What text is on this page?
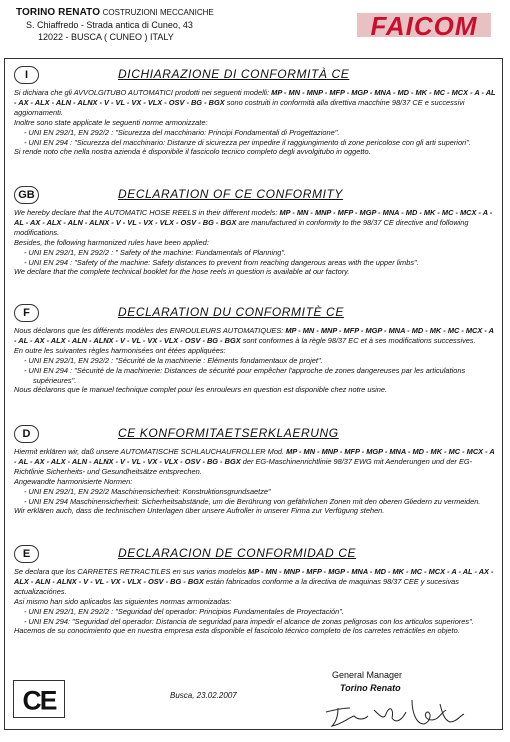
TORINO RENATO COSTRUZIONI MECCANICHE
S. Chiaffredo - Strada antica di Cuneo, 43
12022 - BUSCA ( CUNEO ) ITALY	FAICOM
I	DICHIARAZIONE DI CONFORMITÀ CE
Si dichiara che gli AVVOLGITUBO AUTOMATICI prodotti nei seguenti modelli: MP - MN - MNP - MFP - MGP - MNA - MD - MK - MC - MCX - A - AL - AX - ALX - ALN - ALNX - V - VL - VX - VLX - OSV - BG - BGX sono costruiti in conformità alla direttiva macchine 98/37 CE e successivi aggiornamenti.
Inoltre sono state applicate le seguenti norme armonizzate:
- UNI EN 292/1, EN 292/2 : "Sicurezza del macchinario: Principi Fondamentali di Progettazione".
- UNI EN 294 : "Sicurezza del macchinario: Distanze di sicurezza per impedire il raggiungimento di zone pericolose con gli arti superiori".
Si rende noto che nella nostra azienda è disponibile il fascicolo tecnico completo degli avvolgitubo in oggetto.
GB	DECLARATION OF CE CONFORMITY
We hereby declare that the AUTOMATIC HOSE REELS in their different models: MP - MN - MNP - MFP - MGP - MNA - MD - MK - MC - MCX - A - AL - AX - ALX - ALN - ALNX - V - VL - VX - VLX - OSV - BG - BGX are manufactured in conformity to the 98/37 CE directive and following modifications.
Besides, the following harmonized rules have been applied:
- UNI EN 292/1, EN 292/2 : " Safety of the machine: Fundamentals of Planning".
- UNI EN 294 : "Safety of the machine: Safety distances to prevent from reaching dangerous areas with the upper limbs".
We declare that the complete technical booklet for the hose reels in question is available at our factory.
F	DECLARATION DU CONFORMITÈ CE
Nous déclarons que les différents modèles des ENROULEURS AUTOMATIQUES: MP - MN - MNP - MFP - MGP - MNA - MD - MK - MC - MCX - A - AL - AX - ALX - ALN - ALNX - V - VL - VX - VLX - OSV - BG - BGX sont conformes à la règle 98/37 EC et à ses modifications successives.
En outre les suivantes règles harmonisées ont étées appliquées:
- UNI EN 292/1, EN 292/2 : "Sécurité de la machinerie : Eléments fondamentaux de projet".
- UNI EN 294 : "Sécurité de la machinerie: Distances de sécurité pour empêcher l'approche de zones dangereuses par les articulations supérieures".
Nous déclarons que le manuel technique complet pour les enrouleurs en question est disponible chez notre usine.
D	CE KONFORMITAETSERKLAERUNG
Hiermit erklären wir, daß unsere AUTOMATISCHE SCHLAUCHAUFROLLER Mod. MP - MN - MNP - MFP - MGP - MNA - MD - MK - MC - MCX - A - AL - AX - ALX - ALN - ALNX - V - VL - VX - VLX - OSV - BG - BGX der EG-Maschinenrichtlinie 98/37 EWG mit Aenderungen und der EG-Richtlinie Sicherheits- und Gesundheitsätze entsprechen.
Angewandte harmonisierte Normen:
- UNI EN 292/1, EN 292/2 Maschinensicherheit: Konstruktionsgrundsaetze"
- UNI EN 294 Maschinensicherheit: Sicherheitsabstände, um die Berührung von gefährlichen Zonen mit den oberen Gliedern zu vermeiden.
Wir erklären auch, dass die technischen Unterlagen über unsere Aufroller in unserer Firma zur Verfügung stehen.
E	DECLARACION DE CONFORMIDAD CE
Se declara que los CARRETES RETRACTILES en sus varios modelos MP - MN - MNP - MFP - MGP - MNA - MD - MK - MC - MCX - A - AL - AX - ALX - ALN - ALNX - V - VL - VX - VLX - OSV - BG - BGX están fabricados conforme a la directiva de maquinas 98/37 CEE y sucesivas actualizaciónes.
Asi mismo han sido aplicados las siguientes normas armonizadas:
- UNI EN 292/1, EN 292/2 : "Seguridad del operador: Principios Fundamentales de Proyectación".
- UNI EN 294: "Seguridad del operador: Distancia de seguridad para impedir el alcance de zonas peligrosas con los articulos superiores".
Hacemos de su conocimiento que en nuestra empresa esta disponible el fascicolo técnico completo de los carretes retráctiles en objeto.
CE	Busca, 23.02.2007
General Manager
Torino Renato
